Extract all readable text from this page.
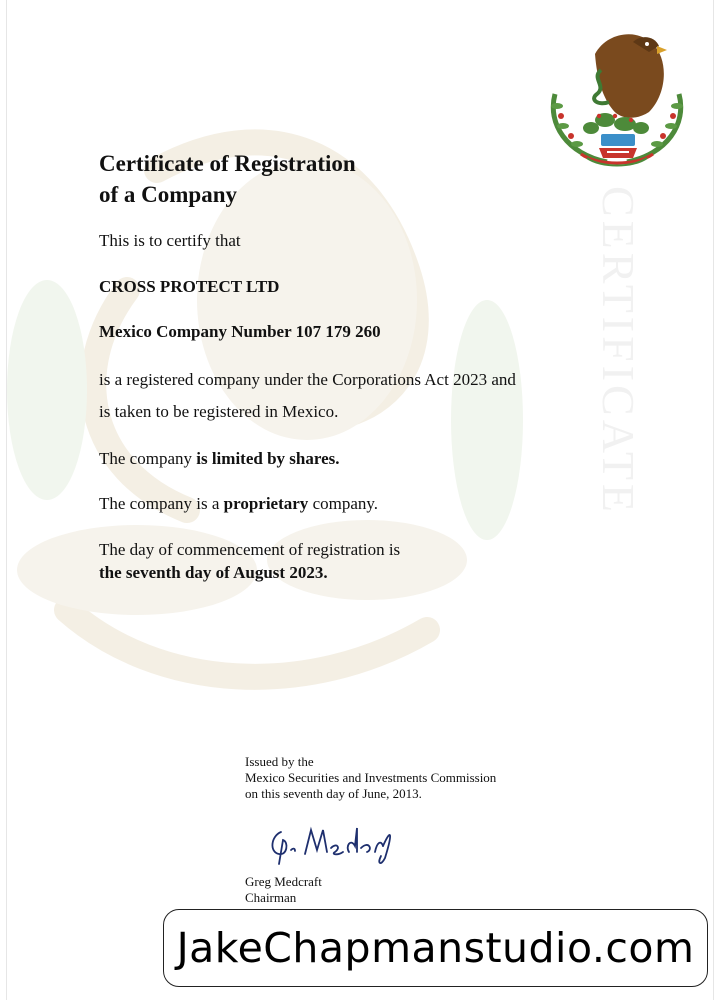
CERTIFICATE
Certificate of Registration
of a Company

This is to certify that

CROSS PROTECT LTD

Mexico Company Number 107 179 260

is a registered company under the Corporations Act 2023 and

is taken to be registered in Mexico.

The company is limited by shares.

The company is a proprietary company.

The day of commencement of registration is

the seventh day of August 2023.

Issued by the
Mexico Securities and Investments Commission
on this seventh day of June, 2013.

Greg Medcraft
Chairman

JakeChapmanstudio.com
